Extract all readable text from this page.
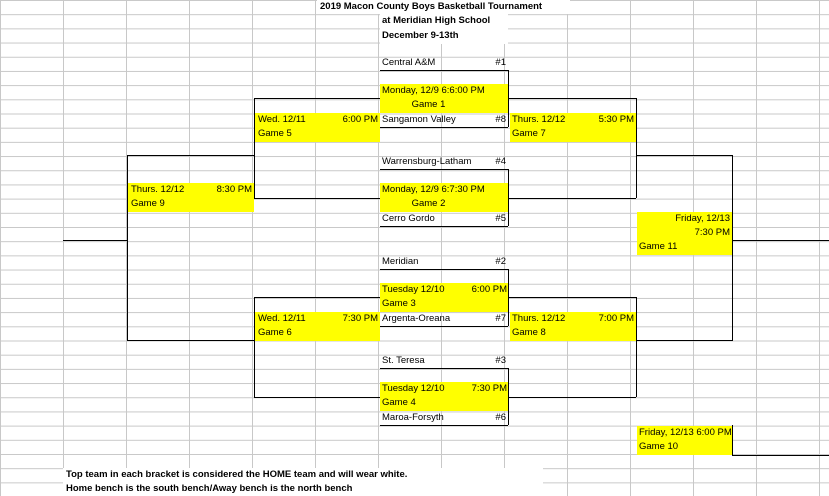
2019 Macon County Boys Basketball Tournament
at Meridian High School
December 9-13th
Central A&M	#1
Sangamon Valley	#8
Warrensburg-Latham	#4
Cerro Gordo	#5
Meridian	#2
Argenta-Oreana	#7
St. Teresa	#3
Maroa-Forsyth	#6
Monday, 12/9 6:6:00 PM
Game 1
Monday, 12/9 6:7:30 PM
Game 2
Tuesday 12/10	6:00 PM
Game 3
Tuesday 12/10	7:30 PM
Game 4
Wed. 12/11	6:00 PM
Game 5
Wed. 12/11	7:30 PM
Game 6
Thurs. 12/12	5:30 PM
Game 7
Thurs. 12/12	7:00 PM
Game 8
Thurs. 12/12	8:30 PM
Game 9
Friday, 12/13
7:30 PM
Game 11
Friday, 12/13 6:00 PM
Game 10
Top team in each bracket is considered the HOME team and will wear white.
Home bench is the south bench/Away bench is the north bench
